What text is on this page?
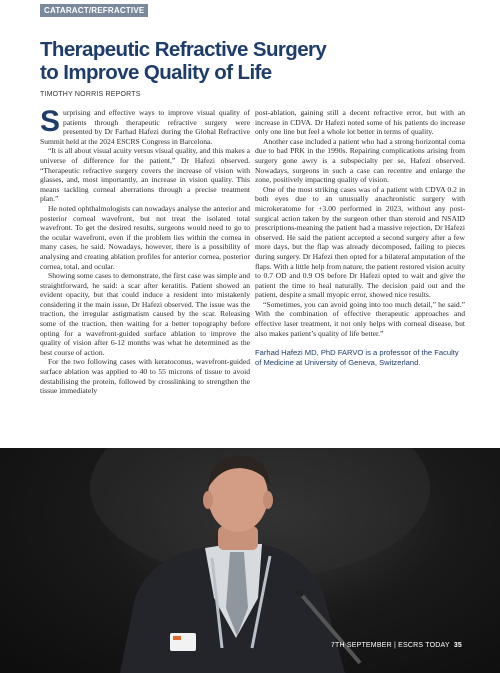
CATARACT/REFRACTIVE
Therapeutic Refractive Surgery
to Improve Quality of Life
TIMOTHY NORRIS REPORTS

Surprising and effective ways to improve visual quality of patients through therapeutic refractive surgery were presented by Dr Farhad Hafezi during the Global Refractive Summit held at the 2024 ESCRS Congress in Barcelona.

“It is all about visual acuity versus visual quality, and this makes a universe of difference for the patient,” Dr Hafezi observed. “Therapeutic refractive surgery covers the increase of vision with glasses, and, most importantly, an increase in vision quality. This means tackling corneal aberrations through a precise treatment plan.”

He noted ophthalmologists can nowadays analyse the anterior and posterior corneal wavefront, but not treat the isolated total wavefront. To get the desired results, surgeons would need to go to the ocular wavefront, even if the problem lies within the cornea in many cases, he said. Nowadays, however, there is a possibility of analysing and creating ablation profiles for anterior cornea, posterior cornea, total, and ocular.

Showing some cases to demonstrate, the first case was simple and straightforward, he said: a scar after keratitis. Patient showed an evident opacity, but that could induce a resident into mistakenly considering it the main issue, Dr Hafezi observed. The issue was the traction, the irregular astigmatism caused by the scar. Releasing some of the traction, then waiting for a better topography before opting for a wavefront-guided surface ablation to improve the quality of vision after 6-12 months was what he determined as the best course of action.

For the two following cases with keratoconus, wavefront-guided surface ablation was applied to 40 to 55 microns of tissue to avoid destabilising the protein, followed by crosslinking to strengthen the tissue immediately

post-ablation, gaining still a decent refractive error, but with an increase in CDVA. Dr Hafezi noted some of his patients do increase only one line but feel a whole lot better in terms of quality.

Another case included a patient who had a strong horizontal coma due to bad PRK in the 1990s. Repairing complications arising from surgery gone awry is a subspecialty per se, Hafezi observed. Nowadays, surgeons in such a case can recentre and enlarge the zone, positively impacting quality of vision.

One of the most striking cases was of a patient with CDVA 0.2 in both eyes due to an unusually anachronistic surgery with microkeratome for +3.00 performed in 2023, without any post-surgical action taken by the surgeon other than steroid and NSAID prescriptions-meaning the patient had a massive rejection, Dr Hafezi observed. He said the patient accepted a second surgery after a few more days, but the flap was already decomposed, failing to pieces during surgery. Dr Hafezi then opted for a bilateral amputation of the flaps. With a little help from nature, the patient restored vision acuity to 0.7 OD and 0.9 OS before Dr Hafezi opted to wait and give the patient the time to heal naturally. The decision paid out and the patient, despite a small myopic error, showed nice results.

“Sometimes, you can avoid going into too much detail,” he said.” With the combination of effective therapeutic approaches and effective laser treatment, it not only helps with corneal disease, but also makes patient’s quality of life better.”

Farhad Hafezi MD, PhD FARVO is a professor of the Faculty of Medicine at University of Geneva, Switzerland.

7TH SEPTEMBER | ESCRS TODAY 35
